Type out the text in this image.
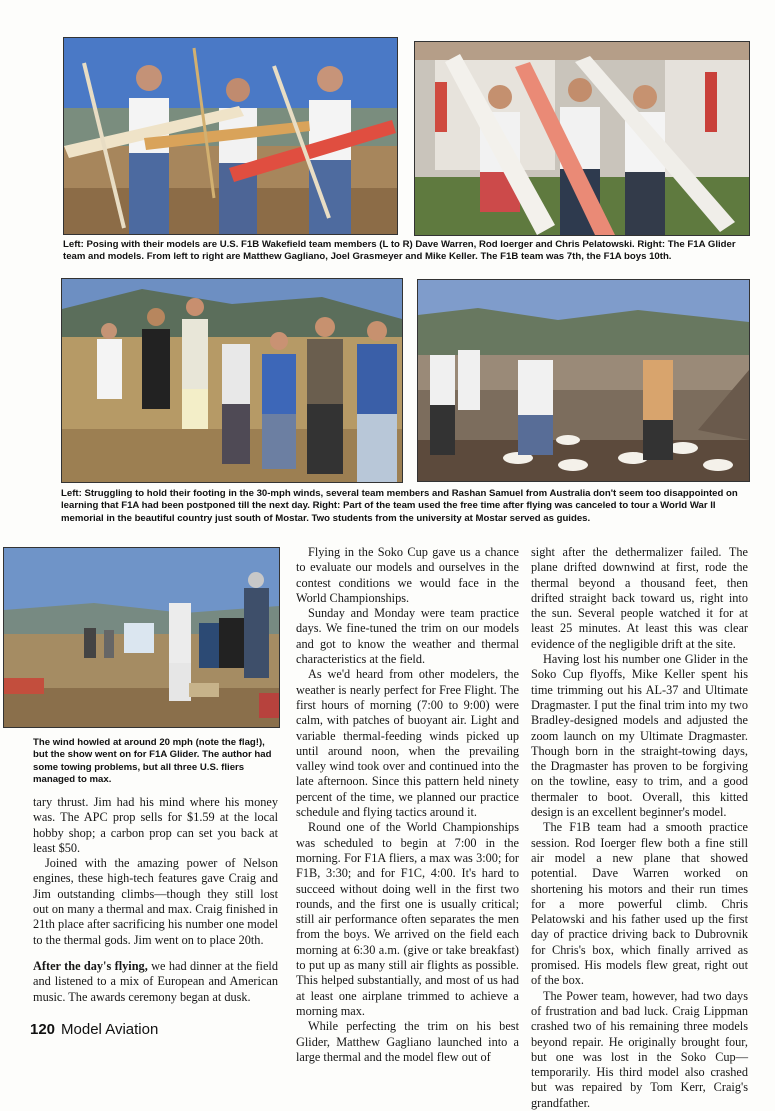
Left: Posing with their models are U.S. F1B Wakefield team members (L to R) Dave Warren, Rod Ioerger and Chris Pelatowski. Right: The F1A Glider team and models. From left to right are Matthew Gagliano, Joel Grasmeyer and Mike Keller. The F1B team was 7th, the F1A boys 10th.

Left: Struggling to hold their footing in the 30-mph winds, several team members and Rashan Samuel from Australia don't seem too disappointed on learning that F1A had been postponed till the next day. Right: Part of the team used the free time after flying was canceled to tour a World War II memorial in the beautiful country just south of Mostar. Two students from the university at Mostar served as guides.

The wind howled at around 20 mph (note the flag!), but the show went on for F1A Glider. The author had some towing problems, but all three U.S. fliers managed to max.

tary thrust. Jim had his mind where his money was. The APC prop sells for $1.59 at the local hobby shop; a carbon prop can set you back at least $50.

Joined with the amazing power of Nelson engines, these high-tech features gave Craig and Jim outstanding climbs—though they still lost out on many a thermal and max. Craig finished in 21th place after sacrificing his number one model to the thermal gods. Jim went on to place 20th.

After the day's flying, we had dinner at the field and listened to a mix of European and American music. The awards ceremony began at dusk.

Flying in the Soko Cup gave us a chance to evaluate our models and ourselves in the contest conditions we would face in the World Championships.

Sunday and Monday were team practice days. We fine-tuned the trim on our models and got to know the weather and thermal characteristics at the field.

As we'd heard from other modelers, the weather is nearly perfect for Free Flight. The first hours of morning (7:00 to 9:00) were calm, with patches of buoyant air. Light and variable thermal-feeding winds picked up until around noon, when the prevailing valley wind took over and continued into the late afternoon. Since this pattern held ninety percent of the time, we planned our practice schedule and flying tactics around it.

Round one of the World Championships was scheduled to begin at 7:00 in the morning. For F1A fliers, a max was 3:00; for F1B, 3:30; and for F1C, 4:00. It's hard to succeed without doing well in the first two rounds, and the first one is usually critical; still air performance often separates the men from the boys. We arrived on the field each morning at 6:30 a.m. (give or take breakfast) to put up as many still air flights as possible. This helped substantially, and most of us had at least one airplane trimmed to achieve a morning max.

While perfecting the trim on his best Glider, Matthew Gagliano launched into a large thermal and the model flew out of

sight after the dethermalizer failed. The plane drifted downwind at first, rode the thermal beyond a thousand feet, then drifted straight back toward us, right into the sun. Several people watched it for at least 25 minutes. At least this was clear evidence of the negligible drift at the site.

Having lost his number one Glider in the Soko Cup flyoffs, Mike Keller spent his time trimming out his AL-37 and Ultimate Dragmaster. I put the final trim into my two Bradley-designed models and adjusted the zoom launch on my Ultimate Dragmaster. Though born in the straight-towing days, the Dragmaster has proven to be forgiving on the towline, easy to trim, and a good thermaler to boot. Overall, this kitted design is an excellent beginner's model.

The F1B team had a smooth practice session. Rod Ioerger flew both a fine still air model a new plane that showed potential. Dave Warren worked on shortening his motors and their run times for a more powerful climb. Chris Pelatowski and his father used up the first day of practice driving back to Dubrovnik for Chris's box, which finally arrived as promised. His models flew great, right out of the box.

The Power team, however, had two days of frustration and bad luck. Craig Lippman crashed two of his remaining three models beyond repair. He originally brought four, but one was lost in the Soko Cup—temporarily. His third model also crashed but was repaired by Tom Kerr, Craig's grandfather.

120 Model Aviation
